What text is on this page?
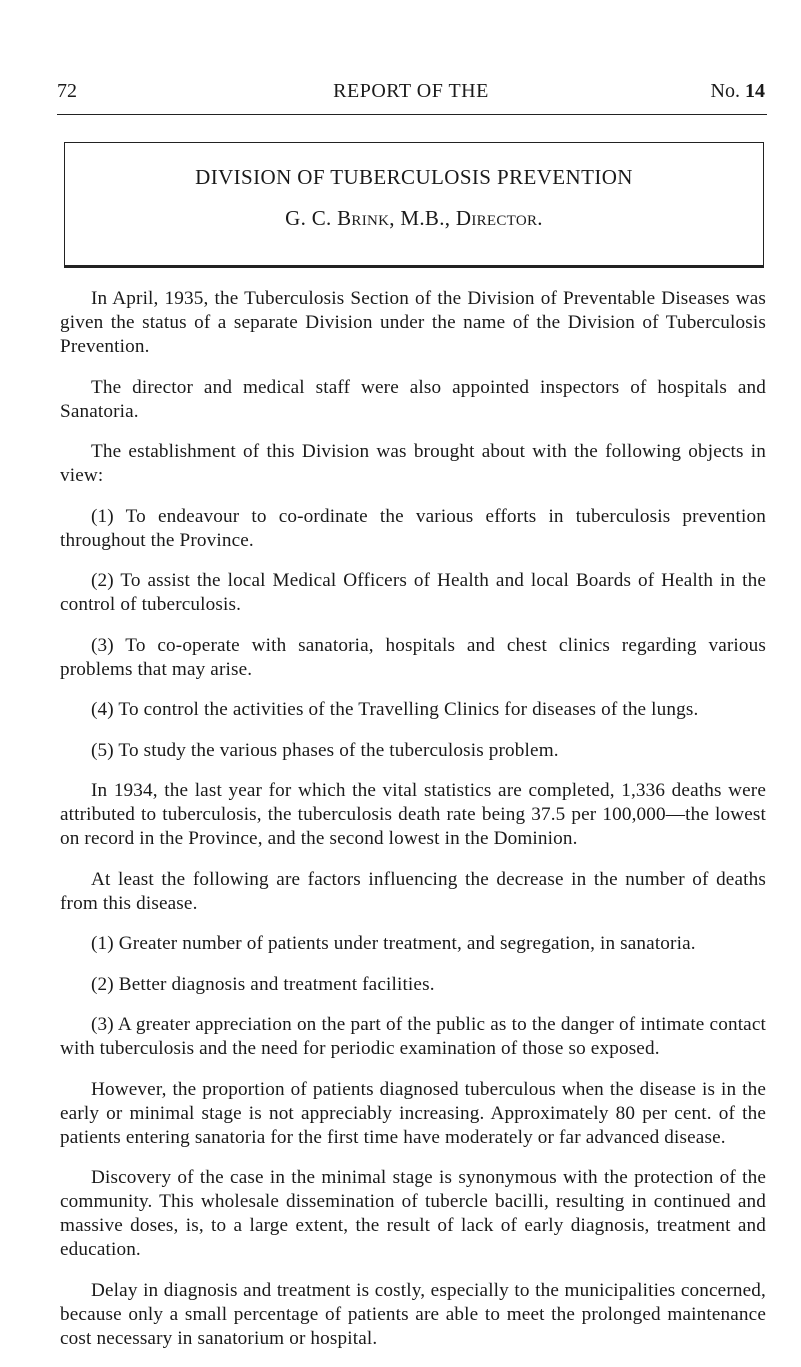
72	REPORT OF THE	No. 14
DIVISION OF TUBERCULOSIS PREVENTION
G. C. Brink, M.B., Director.

In April, 1935, the Tuberculosis Section of the Division of Preventable Diseases was given the status of a separate Division under the name of the Division of Tuberculosis Prevention.

The director and medical staff were also appointed inspectors of hospitals and Sanatoria.

The establishment of this Division was brought about with the following objects in view:

(1) To endeavour to co-ordinate the various efforts in tuberculosis prevention throughout the Province.

(2) To assist the local Medical Officers of Health and local Boards of Health in the control of tuberculosis.

(3) To co-operate with sanatoria, hospitals and chest clinics regarding various problems that may arise.

(4) To control the activities of the Travelling Clinics for diseases of the lungs.

(5) To study the various phases of the tuberculosis problem.

In 1934, the last year for which the vital statistics are completed, 1,336 deaths were attributed to tuberculosis, the tuberculosis death rate being 37.5 per 100,000—the lowest on record in the Province, and the second lowest in the Dominion.

At least the following are factors influencing the decrease in the number of deaths from this disease.

(1) Greater number of patients under treatment, and segregation, in sanatoria.

(2) Better diagnosis and treatment facilities.

(3) A greater appreciation on the part of the public as to the danger of intimate contact with tuberculosis and the need for periodic examination of those so exposed.

However, the proportion of patients diagnosed tuberculous when the disease is in the early or minimal stage is not appreciably increasing. Approximately 80 per cent. of the patients entering sanatoria for the first time have moderately or far advanced disease.

Discovery of the case in the minimal stage is synonymous with the protection of the community. This wholesale dissemination of tubercle bacilli, resulting in continued and massive doses, is, to a large extent, the result of lack of early diagnosis, treatment and education.

Delay in diagnosis and treatment is costly, especially to the municipalities concerned, because only a small percentage of patients are able to meet the prolonged maintenance cost necessary in sanatorium or hospital.
